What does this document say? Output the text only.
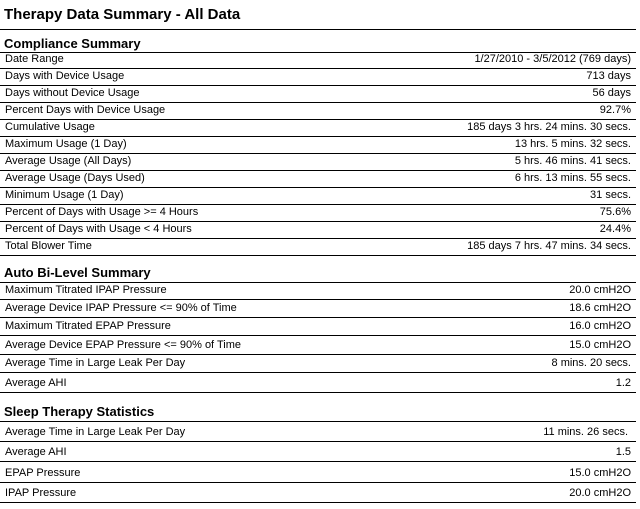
Therapy Data Summary - All Data
Compliance Summary
Date Range	1/27/2010 - 3/5/2012 (769 days)
Days with Device Usage	713 days
Days without Device Usage	56 days
Percent Days with Device Usage	92.7%
Cumulative Usage	185 days 3 hrs. 24 mins. 30 secs.
Maximum Usage (1 Day)	13 hrs. 5 mins. 32 secs.
Average Usage (All Days)	5 hrs. 46 mins. 41 secs.
Average Usage (Days Used)	6 hrs. 13 mins. 55 secs.
Minimum Usage (1 Day)	31 secs.
Percent of Days with Usage >= 4 Hours	75.6%
Percent of Days with Usage < 4 Hours	24.4%
Total Blower Time	185 days 7 hrs. 47 mins. 34 secs.
Auto Bi-Level Summary
Maximum Titrated IPAP Pressure	20.0 cmH2O
Average Device IPAP Pressure <= 90% of Time	18.6 cmH2O
Maximum Titrated EPAP Pressure	16.0 cmH2O
Average Device EPAP Pressure <= 90% of Time	15.0 cmH2O
Average Time in Large Leak Per Day	8 mins. 20 secs.
Average AHI	1.2
Sleep Therapy Statistics
Average Time in Large Leak Per Day	11 mins. 26 secs.
Average AHI	1.5
EPAP Pressure	15.0 cmH2O
IPAP Pressure	20.0 cmH2O
